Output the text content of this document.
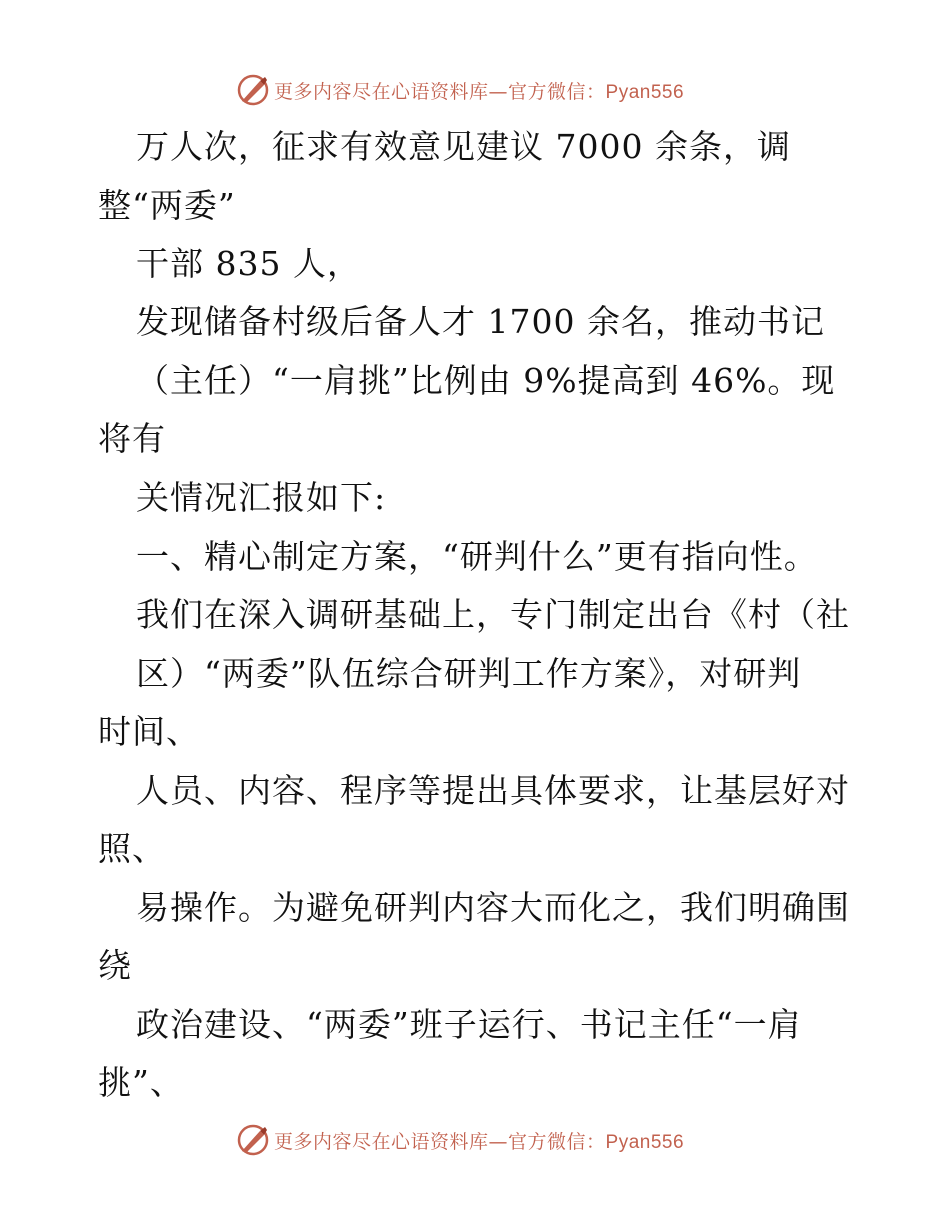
更多内容尽在心语资料库—官方微信：Pyan556
万人次，征求有效意见建议 7000 余条，调
整“两委”
干部 835 人，
发现储备村级后备人才 1700 余名，推动书记
（主任）“一肩挑”比例由 9%提高到 46%。现
将有
关情况汇报如下:
一、精心制定方案，“研判什么”更有指向性。
我们在深入调研基础上，专门制定出台《村（社
区）“两委”队伍综合研判工作方案》，对研判
时间、
人员、内容、程序等提出具体要求，让基层好对
照、
易操作。为避免研判内容大而化之，我们明确围
绕
政治建设、“两委”班子运行、书记主任“一肩
挑”、
更多内容尽在心语资料库—官方微信：Pyan556
